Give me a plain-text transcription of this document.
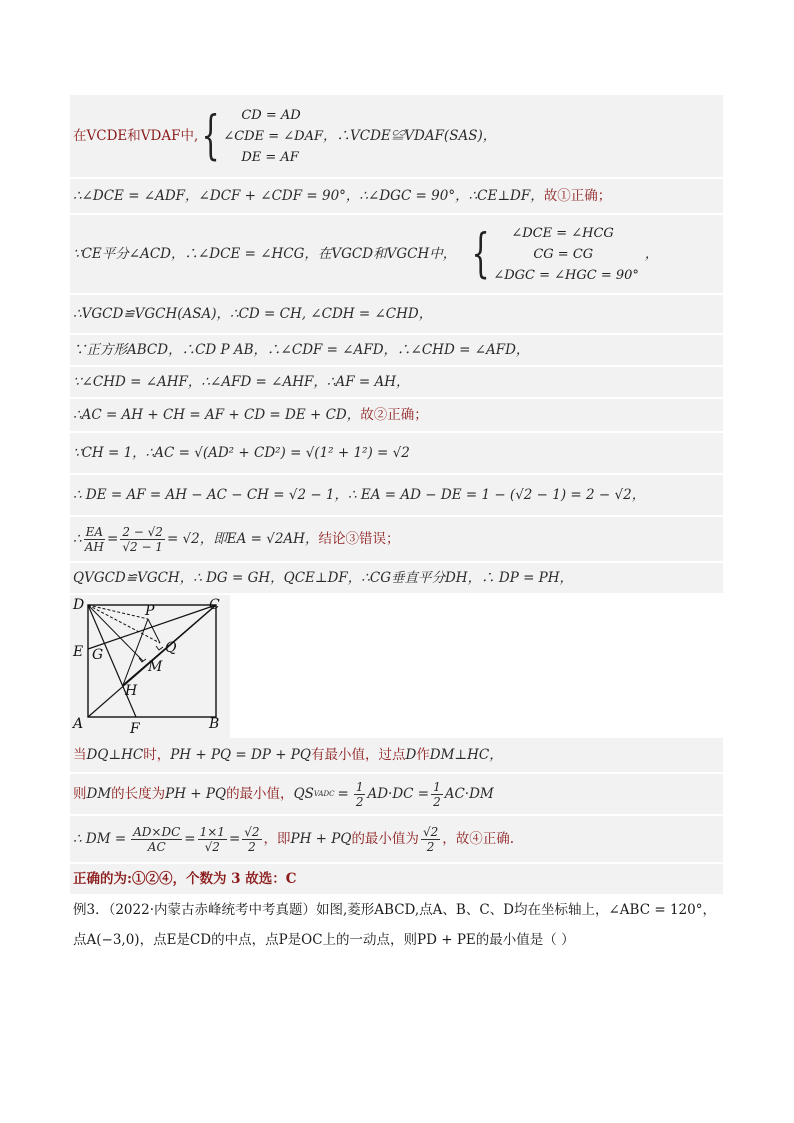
在VCDE和VDAF中, {	CD = AD
∠CDE = ∠DAF
DE = AF
，∴VCDE≌VDAF(SAS)，
∴∠DCE = ∠ADF，∠DCF + ∠CDF = 90°，∴∠DGC = 90°，∴CE⊥DF，故①正确；
∵CE平分∠ACD，∴∠DCE = ∠HCG，在VGCD和VGCH中， {	∠DCE = ∠HCG
CG = CG
∠DGC = ∠HGC = 90°
，
∴VGCD≌VGCH(ASA)，∴CD = CH, ∠CDH = ∠CHD，
∵正方形ABCD，∴CD P AB，∴∠CDF = ∠AFD，∴∠CHD = ∠AFD，
∵∠CHD = ∠AHF，∴∠AFD = ∠AHF，∴AF = AH，
∴AC = AH + CH = AF + CD = DE + CD，故②正确；
∵CH = 1，∴AC = √(AD² + CD²) = √(1² + 1²) = √2
∴ DE = AF = AH − AC − CH = √2 − 1，∴ EA = AD − DE = 1 − (√2 − 1) = 2 − √2，
∴ $\frac{EA}{AH} = \frac{2 - √2}{√2 - 1} = √2$，即EA = √2AH， 结论③错误；
QVGCD≌VGCH，∴ DG = GH，QCE⊥DF，∴CG垂直平分DH，∴ DP = PH，
D	C
P
Q
E G
M
H
A	F	B
当DQ⊥HC时，PH + PQ = DP + PQ有最小值，过点D作DM⊥HC，
则 DM 的长度为 PH + PQ 的最小值， QS VADC = $\frac{1}{2} AD\cdot DC = \frac{1}{2} AC\cdot DM$
∴ DM = $\frac{AD\times DC}{AC} = \frac{1\times 1}{√2} = \frac{√2}{2}$ ，即 PH + PQ 的最小值为 $\frac{√2}{2}$ ，故④正确.
正确的为:①②④，个数为 3 故选：C
例3．（2022·内蒙古赤峰统考中考真题）如图,菱形ABCD,点A、B、C、D均在坐标轴上，∠ABC = 120°，
点A(−3,0)，点E是CD的中点，点P是OC上的一动点，则PD + PE的最小值是（ ）
